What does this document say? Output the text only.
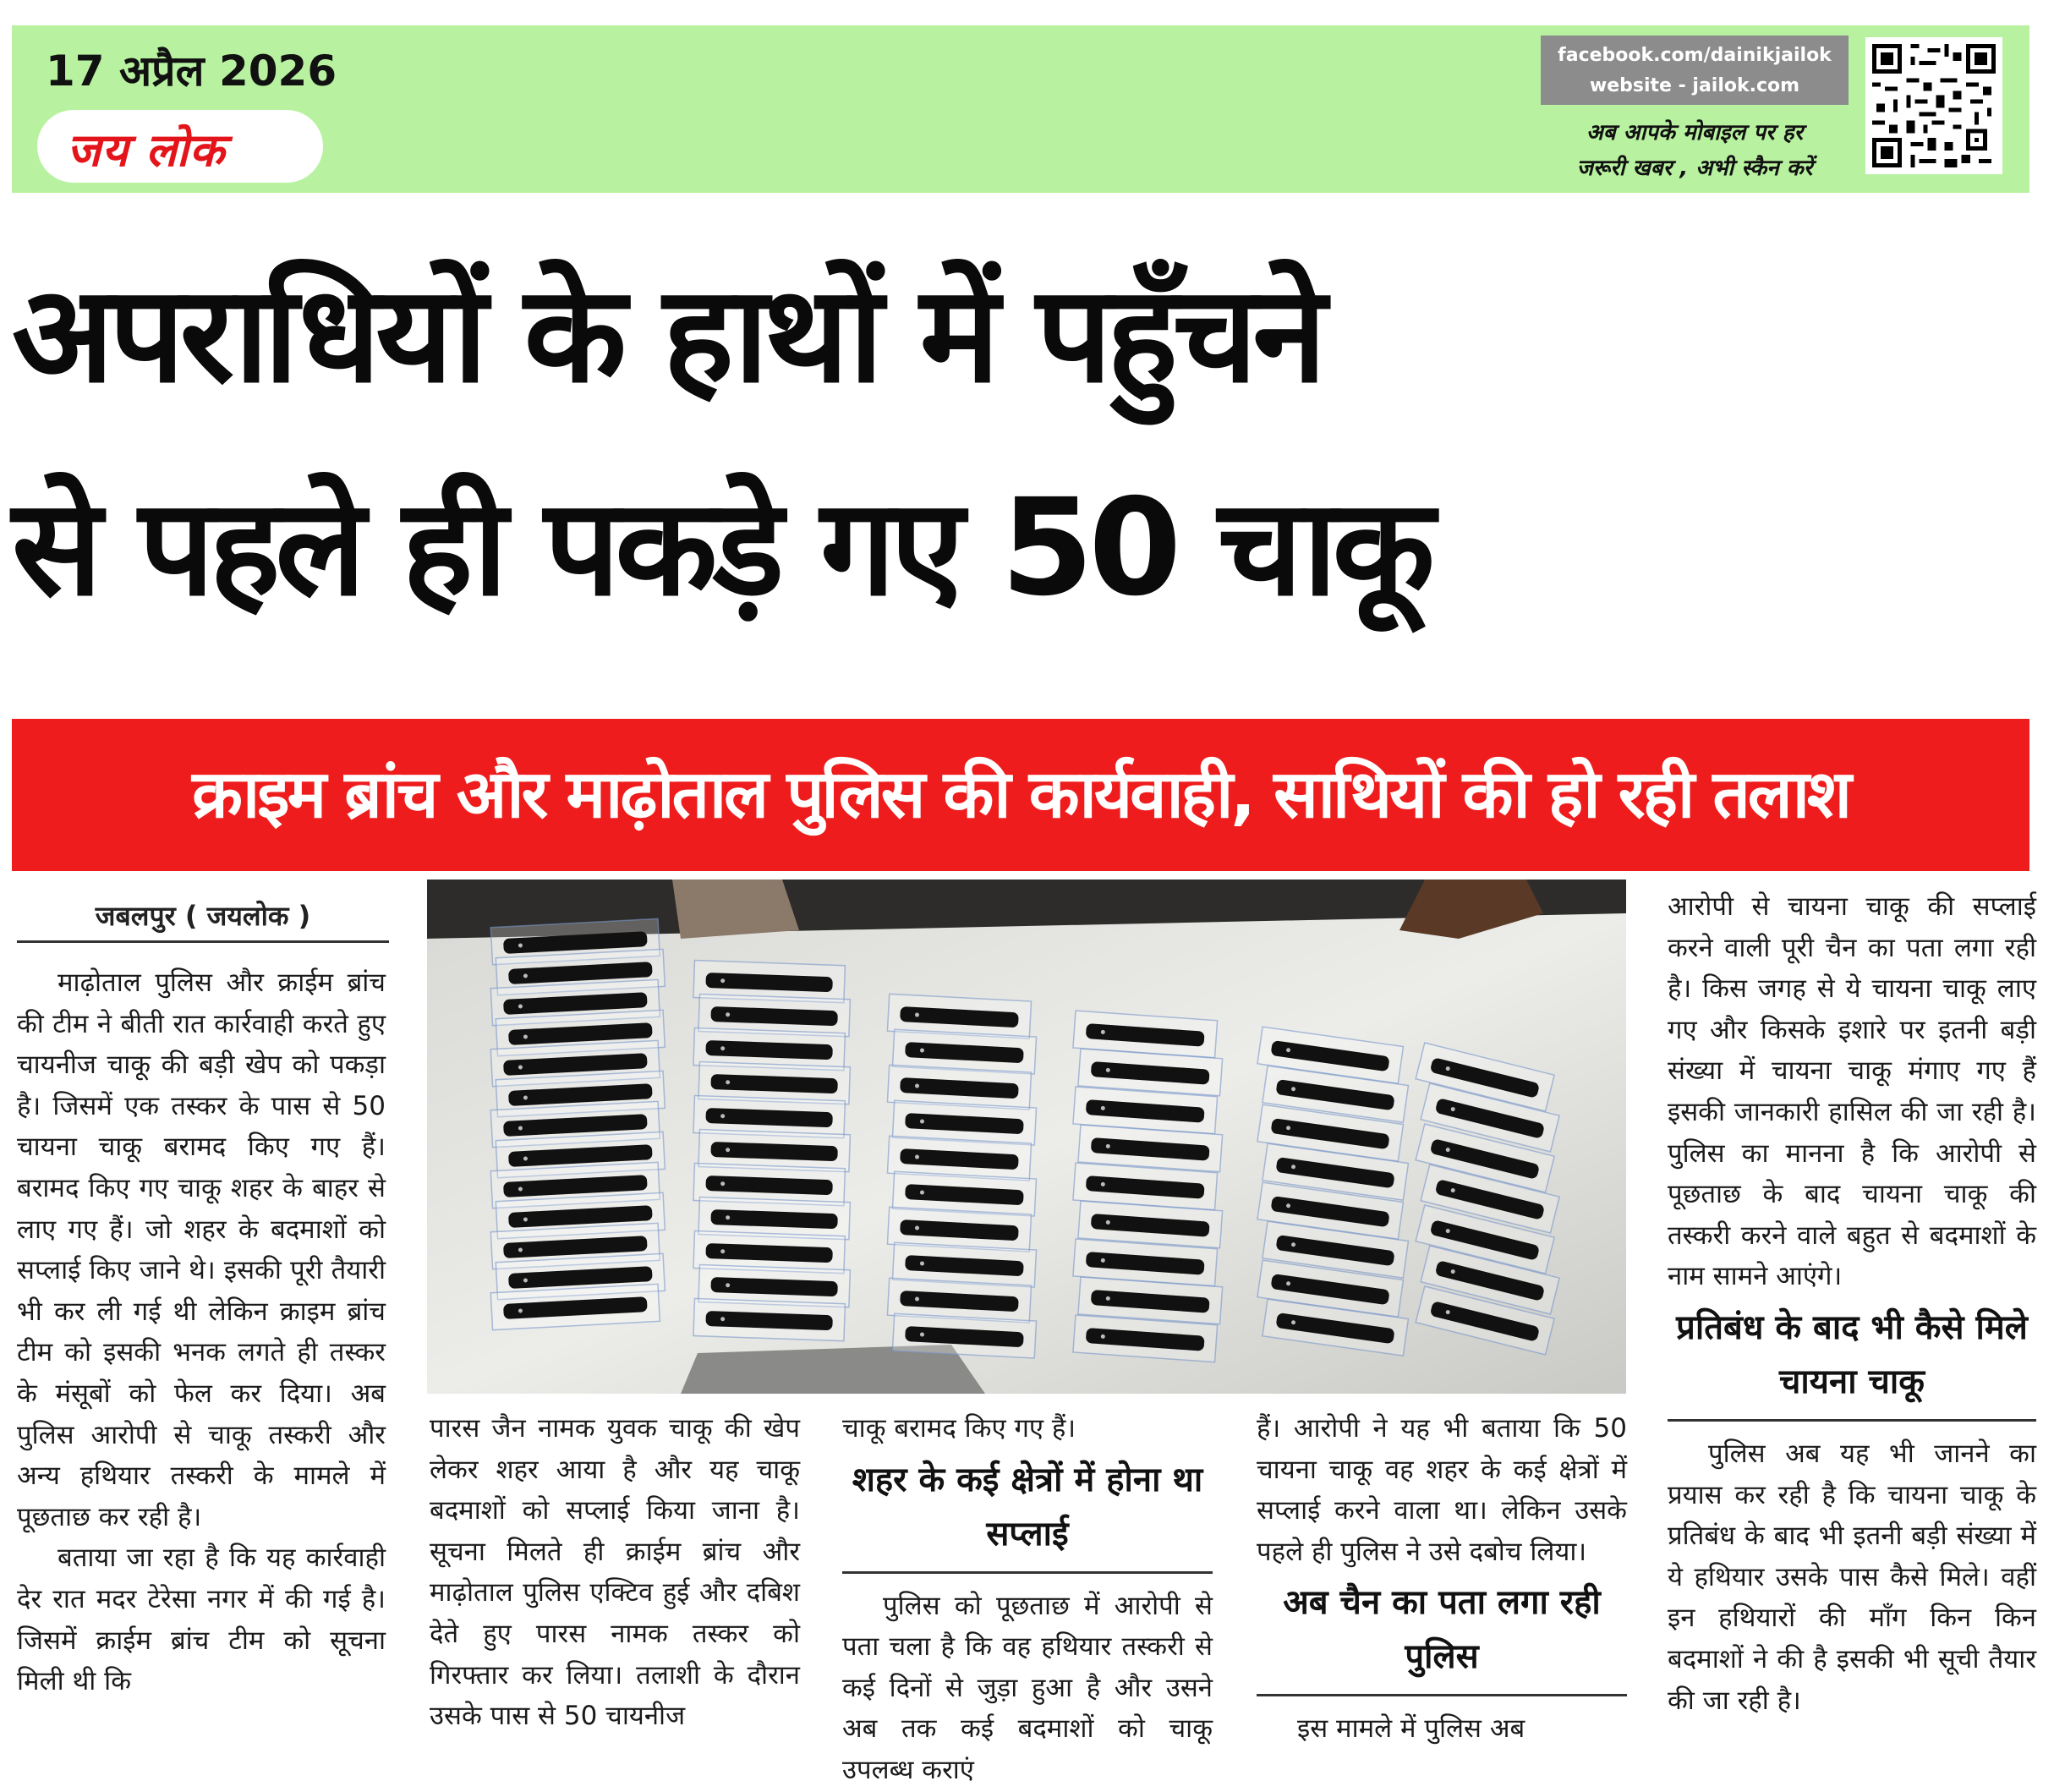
17 अप्रैल 2026
जय लोक
facebook.com/dainikjailok
website - jailok.com
अब आपके मोबाइल पर हर
जरूरी खबर , अभी स्कैन करें
अपराधियों के हाथों में पहुँचने
से पहले ही पकड़े गए 50 चाकू
क्राइम ब्रांच और माढ़ोताल पुलिस की कार्यवाही, साथियों की हो रही तलाश
जबलपुर ( जयलोक )

माढ़ोताल पुलिस और क्राईम ब्रांच की टीम ने बीती रात कार्रवाही करते हुए चायनीज चाकू की बड़ी खेप को पकड़ा है। जिसमें एक तस्कर के पास से 50 चायना चाकू बरामद किए गए हैं। बरामद किए गए चाकू शहर के बाहर से लाए गए हैं। जो शहर के बदमाशों को सप्लाई किए जाने थे। इसकी पूरी तैयारी भी कर ली गई थी लेकिन क्राइम ब्रांच टीम को इसकी भनक लगते ही तस्कर के मंसूबों को फेल कर दिया। अब पुलिस आरोपी से चाकू तस्करी और अन्य हथियार तस्करी के मामले में पूछताछ कर रही है।

बताया जा रहा है कि यह कार्रवाही देर रात मदर टेरेसा नगर में की गई है। जिसमें क्राईम ब्रांच टीम को सूचना मिली थी कि

पारस जैन नामक युवक चाकू की खेप लेकर शहर आया है और यह चाकू बदमाशों को सप्लाई किया जाना है। सूचना मिलते ही क्राईम ब्रांच और माढ़ोताल पुलिस एक्टिव हुई और दबिश देते हुए पारस नामक तस्कर को गिरफ्तार कर लिया। तलाशी के दौरान उसके पास से 50 चायनीज

चाकू बरामद किए गए हैं।

शहर के कई क्षेत्रों में होना था सप्लाई

पुलिस को पूछताछ में आरोपी से पता चला है कि वह हथियार तस्करी से कई दिनों से जुड़ा हुआ है और उसने अब तक कई बदमाशों को चाकू उपलब्ध कराएं

हैं। आरोपी ने यह भी बताया कि 50 चायना चाकू वह शहर के कई क्षेत्रों में सप्लाई करने वाला था। लेकिन उसके पहले ही पुलिस ने उसे दबोच लिया।

अब चैन का पता लगा रही पुलिस

इस मामले में पुलिस अब

आरोपी से चायना चाकू की सप्लाई करने वाली पूरी चैन का पता लगा रही है। किस जगह से ये चायना चाकू लाए गए और किसके इशारे पर इतनी बड़ी संख्या में चायना चाकू मंगाए गए हैं इसकी जानकारी हासिल की जा रही है। पुलिस का मानना है कि आरोपी से पूछताछ के बाद चायना चाकू की तस्करी करने वाले बहुत से बदमाशों के नाम सामने आएंगे।

प्रतिबंध के बाद भी कैसे मिले चायना चाकू

पुलिस अब यह भी जानने का प्रयास कर रही है कि चायना चाकू के प्रतिबंध के बाद भी इतनी बड़ी संख्या में ये हथियार उसके पास कैसे मिले। वहीं इन हथियारों की माँग किन किन बदमाशों ने की है इसकी भी सूची तैयार की जा रही है।
